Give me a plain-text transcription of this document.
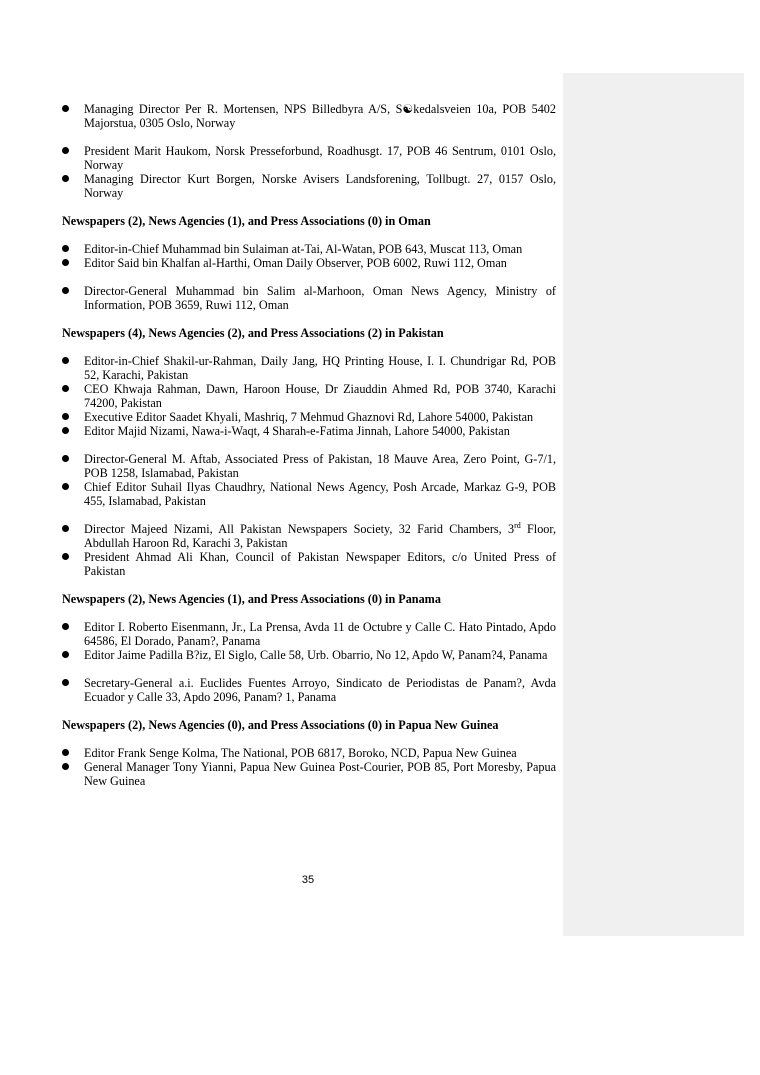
Managing Director Per R. Mortensen, NPS Billedbyra A/S, S☯kedalsveien 10a, POB 5402 Majorstua, 0305 Oslo, Norway

President Marit Haukom, Norsk Presseforbund, Roadhusgt. 17, POB 46 Sentrum, 0101 Oslo, Norway

Managing Director Kurt Borgen, Norske Avisers Landsforening, Tollbugt. 27, 0157 Oslo, Norway

Newspapers (2), News Agencies (1), and Press Associations (0) in Oman

Editor-in-Chief Muhammad bin Sulaiman at-Tai, Al-Watan, POB 643, Muscat 113, Oman

Editor Said bin Khalfan al-Harthi, Oman Daily Observer, POB 6002, Ruwi 112, Oman

Director-General Muhammad bin Salim al-Marhoon, Oman News Agency, Ministry of Information, POB 3659, Ruwi 112, Oman

Newspapers (4), News Agencies (2), and Press Associations (2) in Pakistan

Editor-in-Chief Shakil-ur-Rahman, Daily Jang, HQ Printing House, I. I. Chundrigar Rd, POB 52, Karachi, Pakistan

CEO Khwaja Rahman, Dawn, Haroon House, Dr Ziauddin Ahmed Rd, POB 3740, Karachi 74200, Pakistan

Executive Editor Saadet Khyali, Mashriq, 7 Mehmud Ghaznovi Rd, Lahore 54000, Pakistan

Editor Majid Nizami, Nawa-i-Waqt, 4 Sharah-e-Fatima Jinnah, Lahore 54000, Pakistan

Director-General M. Aftab, Associated Press of Pakistan, 18 Mauve Area, Zero Point, G-7/1, POB 1258, Islamabad, Pakistan

Chief Editor Suhail Ilyas Chaudhry, National News Agency, Posh Arcade, Markaz G-9, POB 455, Islamabad, Pakistan

Director Majeed Nizami, All Pakistan Newspapers Society, 32 Farid Chambers, 3rd Floor, Abdullah Haroon Rd, Karachi 3, Pakistan

President Ahmad Ali Khan, Council of Pakistan Newspaper Editors, c/o United Press of Pakistan

Newspapers (2), News Agencies (1), and Press Associations (0) in Panama

Editor I. Roberto Eisenmann, Jr., La Prensa, Avda 11 de Octubre y Calle C. Hato Pintado, Apdo 64586, El Dorado, Panam?, Panama

Editor Jaime Padilla B?iz, El Siglo, Calle 58, Urb. Obarrio, No 12, Apdo W, Panam?4, Panama

Secretary-General a.i. Euclides Fuentes Arroyo, Sindicato de Periodistas de Panam?, Avda Ecuador y Calle 33, Apdo 2096, Panam? 1, Panama

Newspapers (2), News Agencies (0), and Press Associations (0) in Papua New Guinea

Editor Frank Senge Kolma, The National, POB 6817, Boroko, NCD, Papua New Guinea

General Manager Tony Yianni, Papua New Guinea Post-Courier, POB 85, Port Moresby, Papua New Guinea

35
